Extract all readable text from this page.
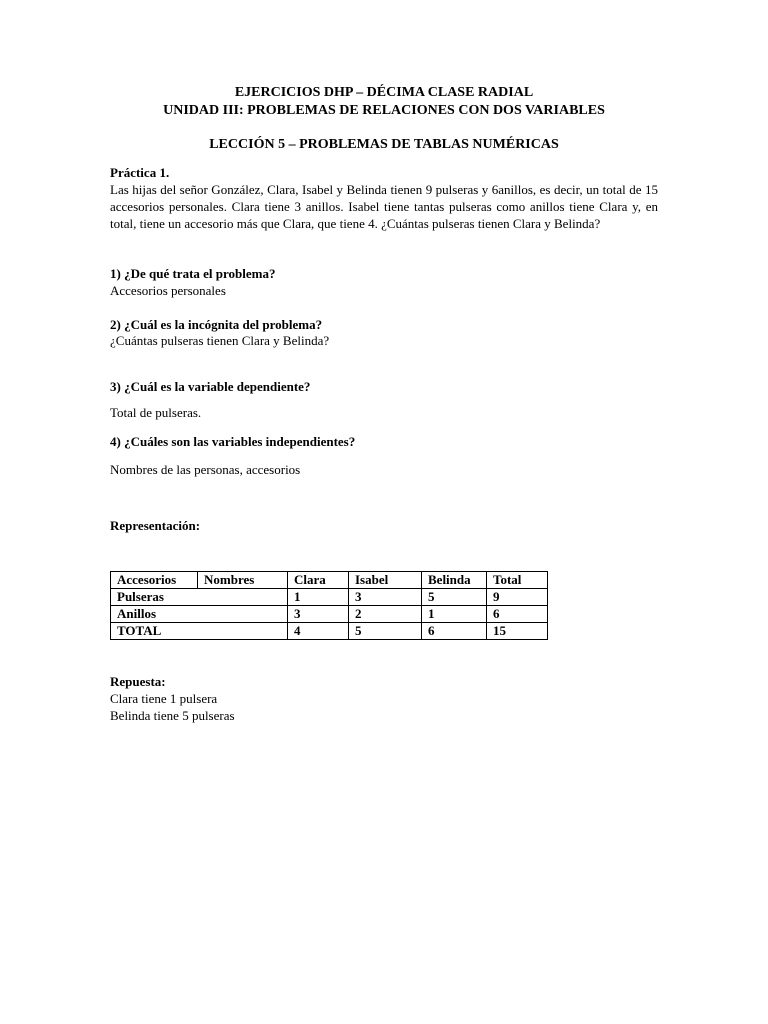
EJERCICIOS DHP – DÉCIMA CLASE RADIAL
UNIDAD III: PROBLEMAS DE RELACIONES CON DOS VARIABLES
LECCIÓN 5 – PROBLEMAS DE TABLAS NUMÉRICAS
Práctica 1.
Las hijas del señor González, Clara, Isabel y Belinda tienen 9 pulseras y 6anillos, es decir, un total de 15 accesorios personales. Clara tiene 3 anillos. Isabel tiene tantas pulseras como anillos tiene Clara y, en total, tiene un accesorio más que Clara, que tiene 4. ¿Cuántas pulseras tienen Clara y Belinda?
1) ¿De qué trata el problema?
Accesorios personales
2) ¿Cuál es la incógnita del problema?
¿Cuántas pulseras tienen Clara y Belinda?
3) ¿Cuál es la variable dependiente?
Total de pulseras.
4) ¿Cuáles son las variables independientes?
Nombres de las personas, accesorios
Representación:
Accesorios	Nombres	Clara	Isabel	Belinda	Total
Pulseras		1	3	5	9
Anillos		3	2	1	6
TOTAL		4	5	6	15
Repuesta:
Clara tiene 1 pulsera
Belinda tiene 5 pulseras
